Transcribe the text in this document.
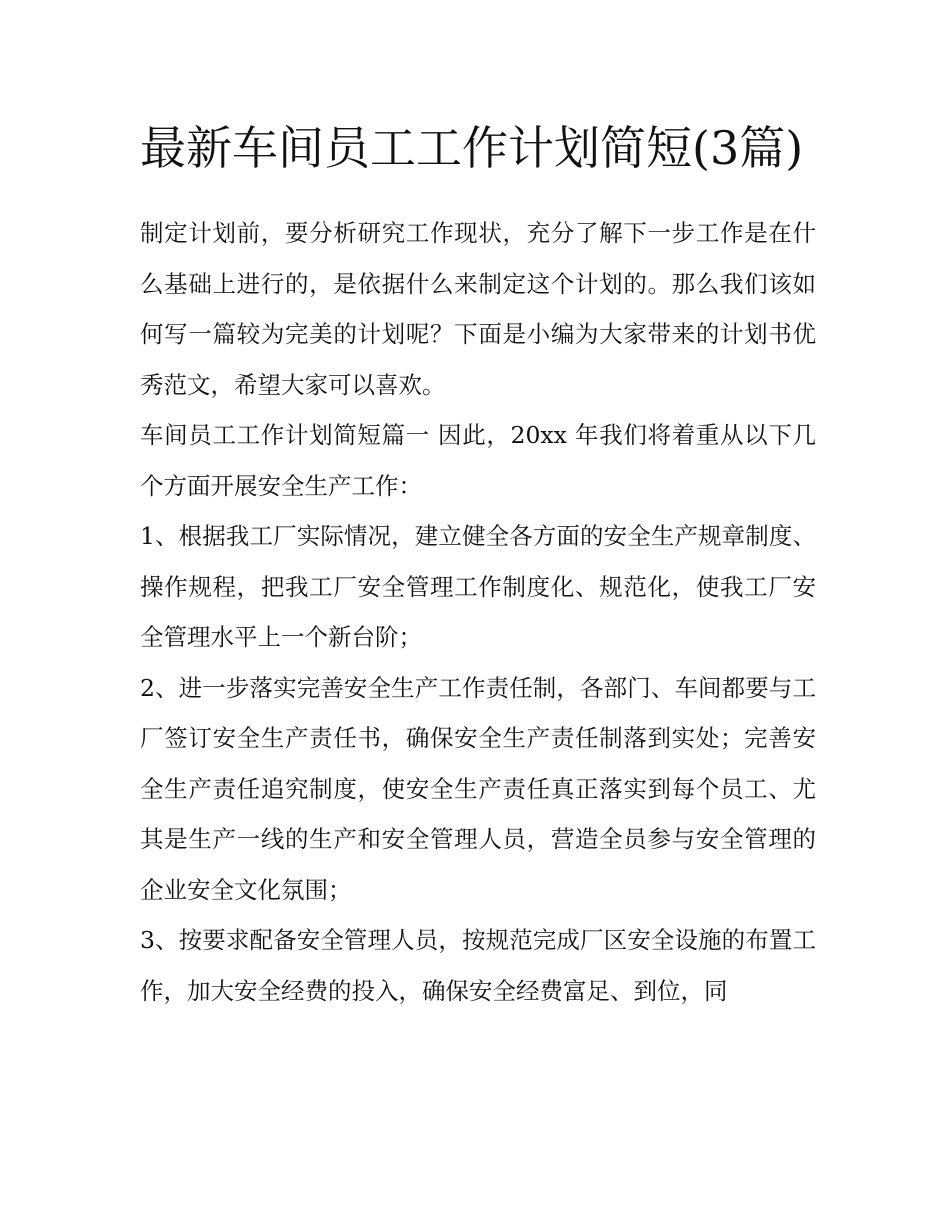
最新车间员工工作计划简短(3篇)

制定计划前，要分析研究工作现状，充分了解下一步工作是在什么基础上进行的，是依据什么来制定这个计划的。那么我们该如何写一篇较为完美的计划呢？下面是小编为大家带来的计划书优秀范文，希望大家可以喜欢。

车间员工工作计划简短篇一 因此，20xx 年我们将着重从以下几个方面开展安全生产工作：

1、根据我工厂实际情况，建立健全各方面的安全生产规章制度、操作规程，把我工厂安全管理工作制度化、规范化，使我工厂安全管理水平上一个新台阶；

2、进一步落实完善安全生产工作责任制，各部门、车间都要与工厂签订安全生产责任书，确保安全生产责任制落到实处；完善安全生产责任追究制度，使安全生产责任真正落实到每个员工、尤其是生产一线的生产和安全管理人员，营造全员参与安全管理的企业安全文化氛围；

3、按要求配备安全管理人员，按规范完成厂区安全设施的布置工作，加大安全经费的投入，确保安全经费富足、到位，同
